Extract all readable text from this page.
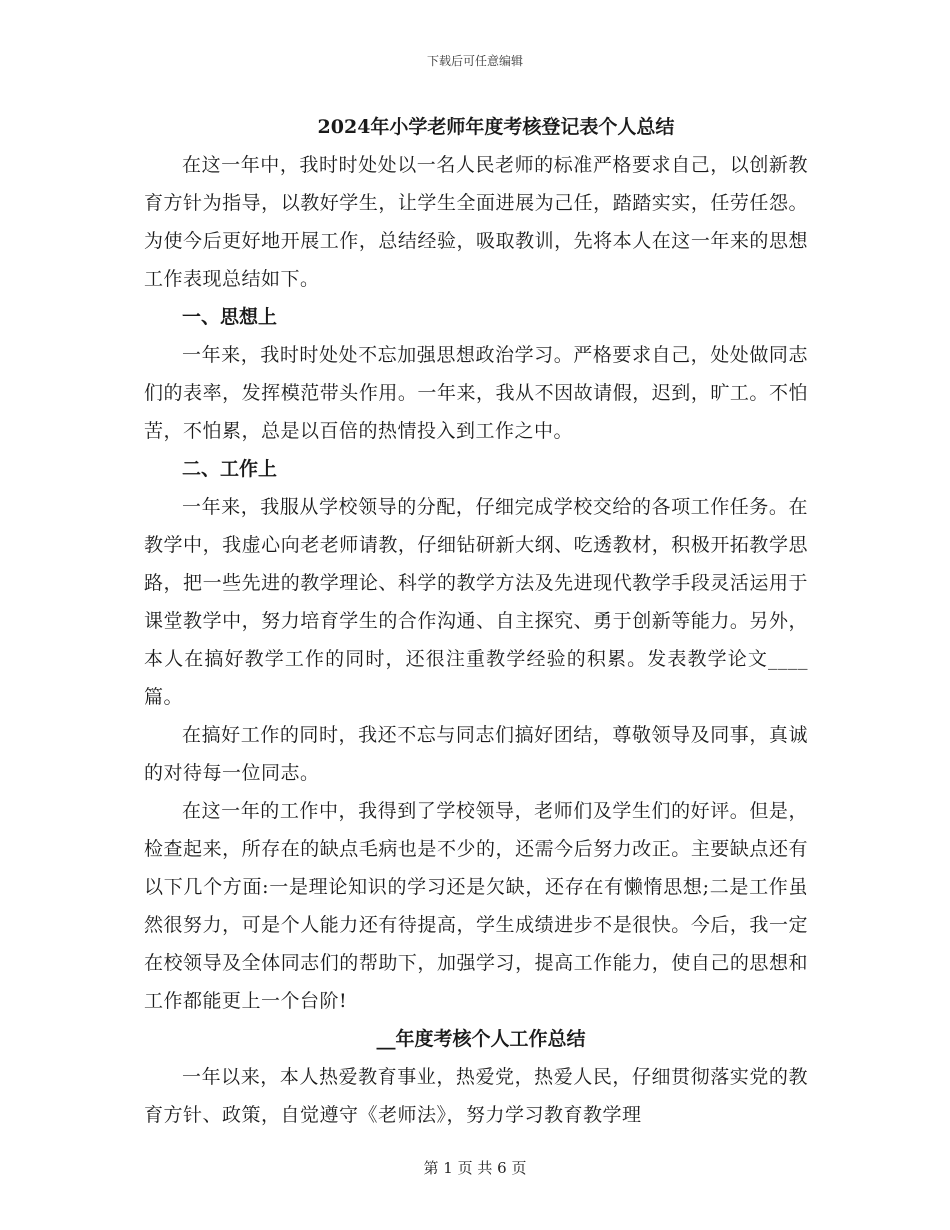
下载后可任意编辑
2024年小学老师年度考核登记表个人总结

在这一年中，我时时处处以一名人民老师的标准严格要求自己，以创新教育方针为指导，以教好学生，让学生全面进展为己任，踏踏实实，任劳任怨。为使今后更好地开展工作，总结经验，吸取教训，先将本人在这一年来的思想工作表现总结如下。

一、思想上

一年来，我时时处处不忘加强思想政治学习。严格要求自己，处处做同志们的表率，发挥模范带头作用。一年来，我从不因故请假，迟到，旷工。不怕苦，不怕累，总是以百倍的热情投入到工作之中。

二、工作上

一年来，我服从学校领导的分配，仔细完成学校交给的各项工作任务。在教学中，我虚心向老老师请教，仔细钻研新大纲、吃透教材，积极开拓教学思路，把一些先进的教学理论、科学的教学方法及先进现代教学手段灵活运用于课堂教学中，努力培育学生的合作沟通、自主探究、勇于创新等能力。另外，本人在搞好教学工作的同时，还很注重教学经验的积累。发表教学论文____篇。

在搞好工作的同时，我还不忘与同志们搞好团结，尊敬领导及同事，真诚的对待每一位同志。

在这一年的工作中，我得到了学校领导，老师们及学生们的好评。但是，检查起来，所存在的缺点毛病也是不少的，还需今后努力改正。主要缺点还有以下几个方面:一是理论知识的学习还是欠缺，还存在有懒惰思想;二是工作虽然很努力，可是个人能力还有待提高，学生成绩进步不是很快。今后，我一定在校领导及全体同志们的帮助下，加强学习，提高工作能力，使自己的思想和工作都能更上一个台阶!

__年度考核个人工作总结

一年以来，本人热爱教育事业，热爱党，热爱人民，仔细贯彻落实党的教育方针、政策，自觉遵守《老师法》，努力学习教育教学理

第 1 页 共 6 页
